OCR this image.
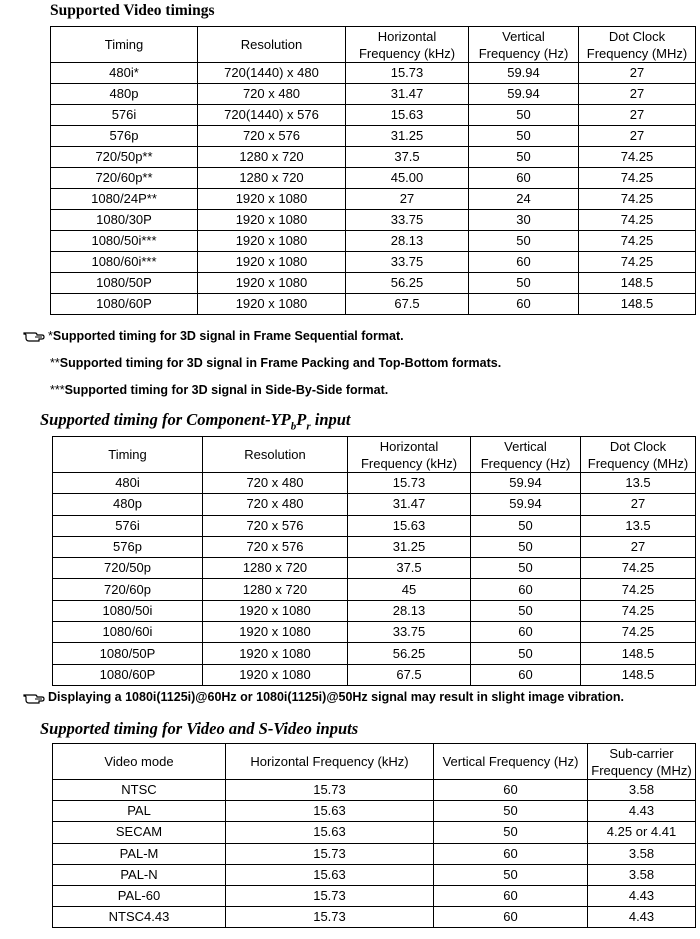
Supported Video timings
Timing	Resolution	Horizontal Frequency (kHz)	Vertical Frequency (Hz)	Dot Clock Frequency (MHz)
480i*	720(1440) x 480	15.73	59.94	27
480p	720 x 480	31.47	59.94	27
576i	720(1440) x 576	15.63	50	27
576p	720 x 576	31.25	50	27
720/50p**	1280 x 720	37.5	50	74.25
720/60p**	1280 x 720	45.00	60	74.25
1080/24P**	1920 x 1080	27	24	74.25
1080/30P	1920 x 1080	33.75	30	74.25
1080/50i***	1920 x 1080	28.13	50	74.25
1080/60i***	1920 x 1080	33.75	60	74.25
1080/50P	1920 x 1080	56.25	50	148.5
1080/60P	1920 x 1080	67.5	60	148.5
*Supported timing for 3D signal in Frame Sequential format.
**Supported timing for 3D signal in Frame Packing and Top-Bottom formats.
***Supported timing for 3D signal in Side-By-Side format.
Supported timing for Component-$YP_bP_r$ input
Timing	Resolution	Horizontal Frequency (kHz)	Vertical Frequency (Hz)	Dot Clock Frequency (MHz)
480i	720 x 480	15.73	59.94	13.5
480p	720 x 480	31.47	59.94	27
576i	720 x 576	15.63	50	13.5
576p	720 x 576	31.25	50	27
720/50p	1280 x 720	37.5	50	74.25
720/60p	1280 x 720	45	60	74.25
1080/50i	1920 x 1080	28.13	50	74.25
1080/60i	1920 x 1080	33.75	60	74.25
1080/50P	1920 x 1080	56.25	50	148.5
1080/60P	1920 x 1080	67.5	60	148.5
Displaying a 1080i(1125i)@60Hz or 1080i(1125i)@50Hz signal may result in slight image vibration.
Supported timing for Video and S-Video inputs
Video mode	Horizontal Frequency (kHz)	Vertical Frequency (Hz)	Sub-carrier Frequency (MHz)
NTSC	15.73	60	3.58
PAL	15.63	50	4.43
SECAM	15.63	50	4.25 or 4.41
PAL-M	15.73	60	3.58
PAL-N	15.63	50	3.58
PAL-60	15.73	60	4.43
NTSC4.43	15.73	60	4.43
